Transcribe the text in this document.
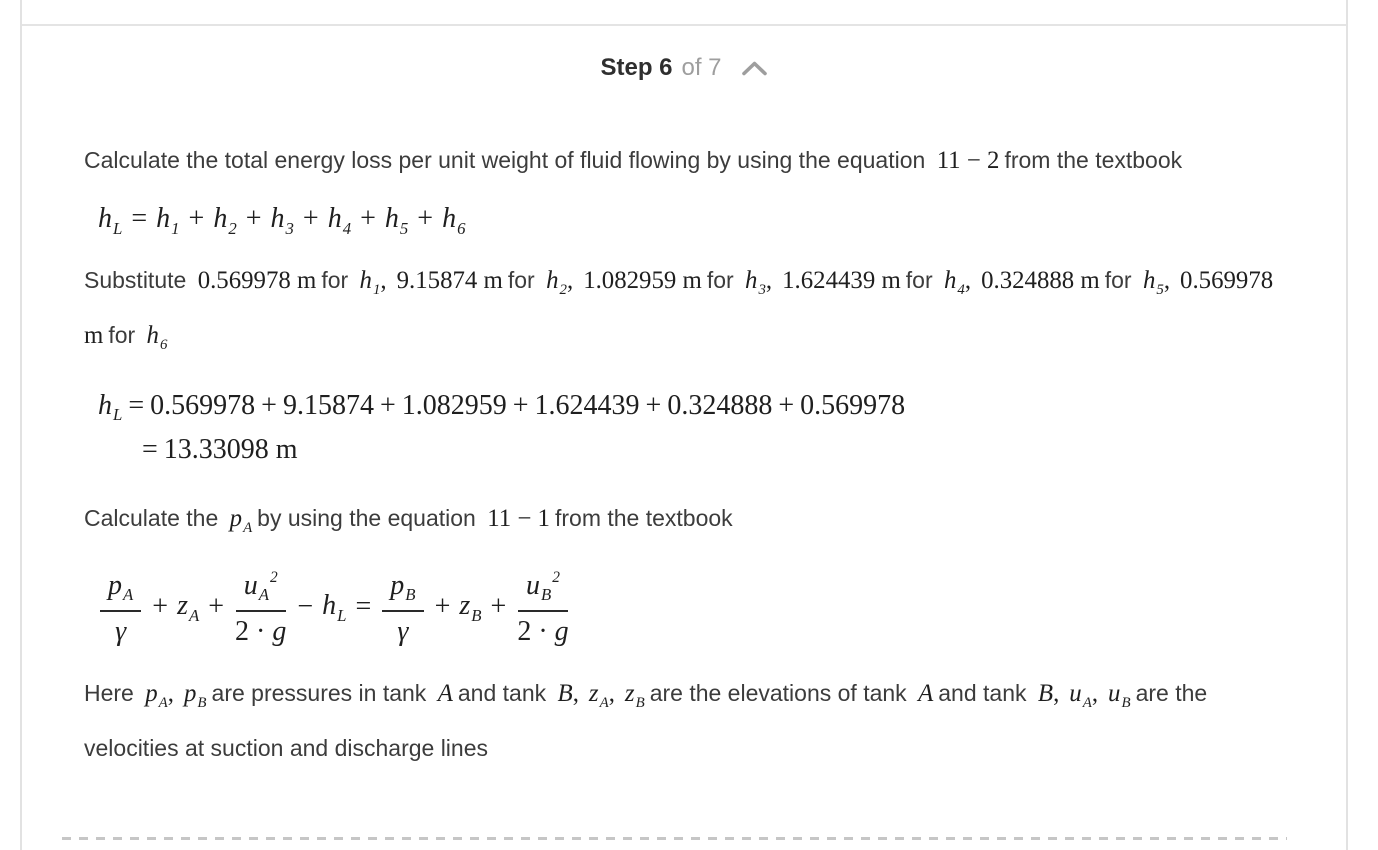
Step 6 of 7

Calculate the total energy loss per unit weight of fluid flowing by using the equation 11 − 2 from the textbook

$h_L = h_1 + h_2 + h_3 + h_4 + h_5 + h_6$

Substitute 0.569978 m for $h_1$, 9.15874 m for $h_2$, 1.082959 m for $h_3$, 1.624439 m for $h_4$, 0.324888 m for $h_5$, 0.569978 m for $h_6$

$h_L = 0.569978 + 9.15874 + 1.082959 + 1.624439 + 0.324888 + 0.569978$
= 13.33098 m

Calculate the $p_A$ by using the equation 11 − 1 from the textbook

$\frac{p_A}{\gamma} + z_A + \frac{u_A^2}{2 \cdot g} - h_L = \frac{p_B}{\gamma} + z_B + \frac{u_B^2}{2 \cdot g}$

Here $p_A$, $p_B$ are pressures in tank A and tank B, $z_A$, $z_B$ are the elevations of tank A and tank B, $u_A$, $u_B$ are the velocities at suction and discharge lines
